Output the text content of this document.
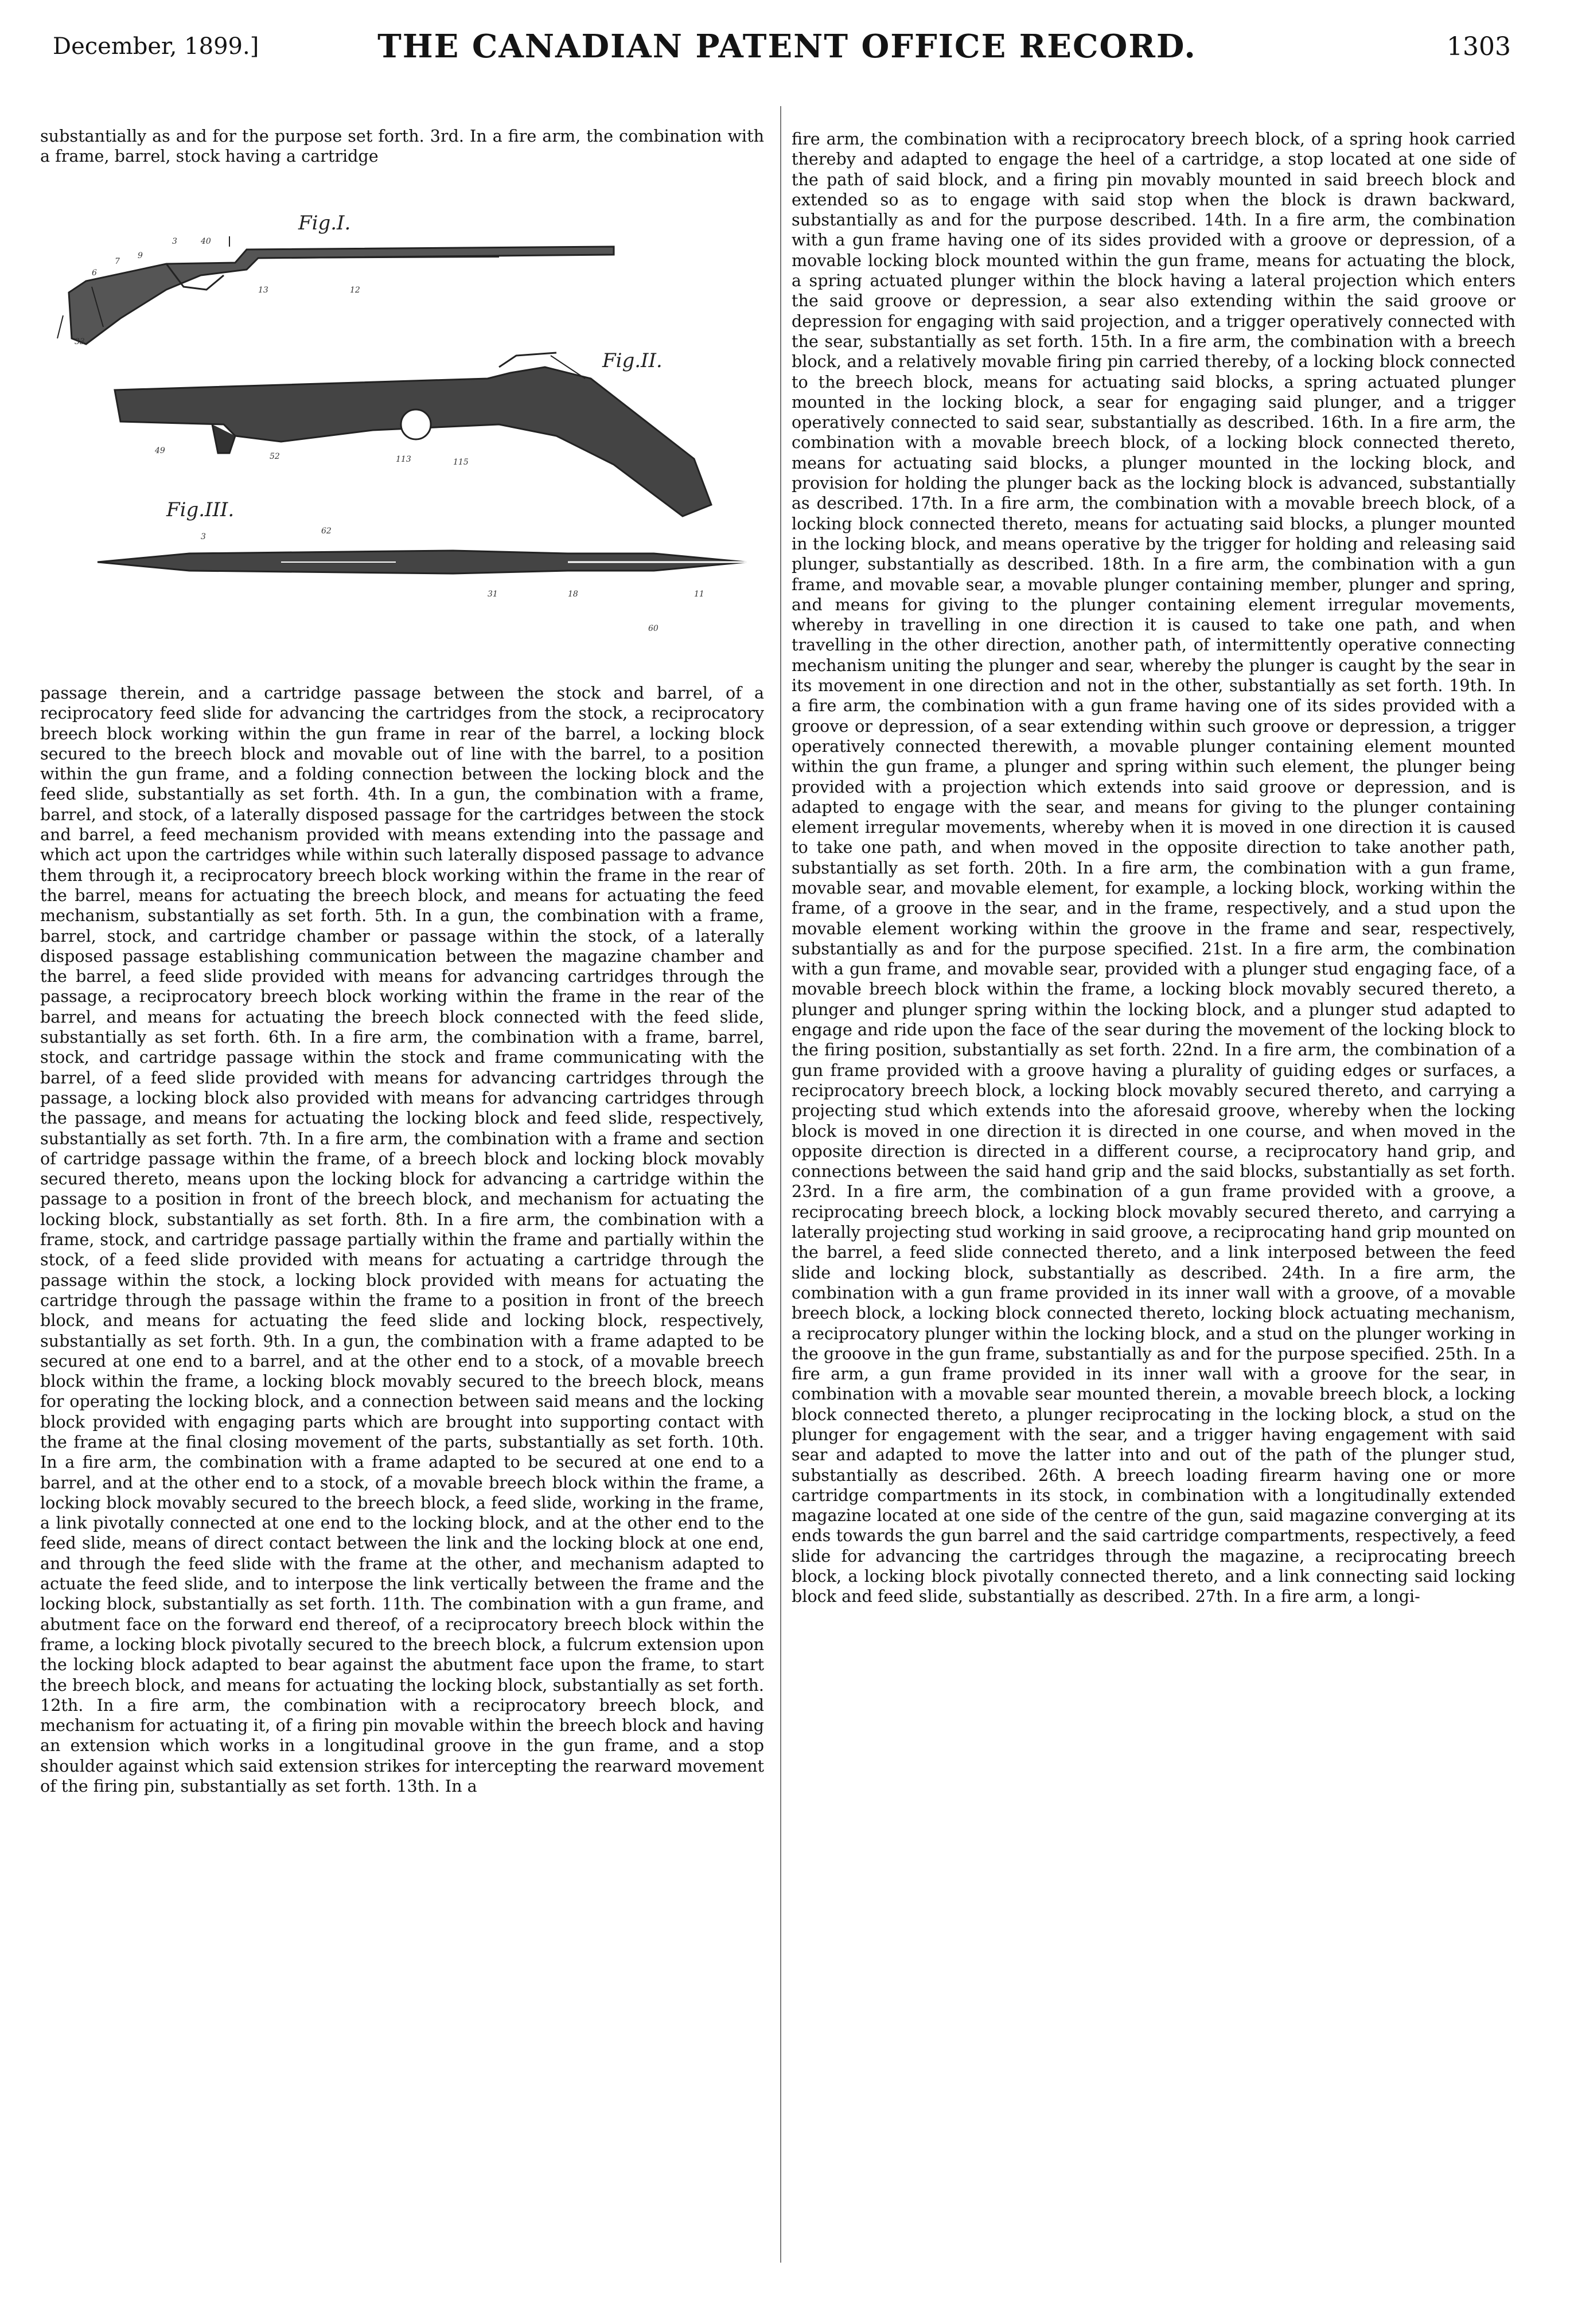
December, 1899.]	THE CANADIAN PATENT OFFICE RECORD.	1303

substantially as and for the purpose set forth. 3rd. In a fire arm, the combination with a frame, barrel, stock having a cartridge

Fig.I.
Fig.II.
Fig.III.
3	40
9
7
6
13	12
33
49
52	113	115
3
62
31	18	11
60

passage therein, and a cartridge passage between the stock and barrel, of a reciprocatory feed slide for advancing the cartridges from the stock, a reciprocatory breech block working within the gun frame in rear of the barrel, a locking block secured to the breech block and movable out of line with the barrel, to a position within the gun frame, and a folding connection between the locking block and the feed slide, substantially as set forth. 4th. In a gun, the combination with a frame, barrel, and stock, of a laterally disposed passage for the cartridges between the stock and barrel, a feed mechanism provided with means extending into the passage and which act upon the cartridges while within such laterally disposed passage to advance them through it, a reciprocatory breech block working within the frame in the rear of the barrel, means for actuating the breech block, and means for actuating the feed mechanism, substantially as set forth. 5th. In a gun, the combination with a frame, barrel, stock, and cartridge chamber or passage within the stock, of a laterally disposed passage establishing communication between the magazine chamber and the barrel, a feed slide provided with means for advancing cartridges through the passage, a reciprocatory breech block working within the frame in the rear of the barrel, and means for actuating the breech block connected with the feed slide, substantially as set forth. 6th. In a fire arm, the combination with a frame, barrel, stock, and cartridge passage within the stock and frame communicating with the barrel, of a feed slide provided with means for advancing cartridges through the passage, a locking block also provided with means for advancing cartridges through the passage, and means for actuating the locking block and feed slide, respectively, substantially as set forth. 7th. In a fire arm, the combination with a frame and section of cartridge passage within the frame, of a breech block and locking block movably secured thereto, means upon the locking block for advancing a cartridge within the passage to a position in front of the breech block, and mechanism for actuating the locking block, substantially as set forth. 8th. In a fire arm, the combination with a frame, stock, and cartridge passage partially within the frame and partially within the stock, of a feed slide provided with means for actuating a cartridge through the passage within the stock, a locking block provided with means for actuating the cartridge through the passage within the frame to a position in front of the breech block, and means for actuating the feed slide and locking block, respectively, substantially as set forth. 9th. In a gun, the combination with a frame adapted to be secured at one end to a barrel, and at the other end to a stock, of a movable breech block within the frame, a locking block movably secured to the breech block, means for operating the locking block, and a connection between said means and the locking block provided with engaging parts which are brought into supporting contact with the frame at the final closing movement of the parts, substantially as set forth. 10th. In a fire arm, the combination with a frame adapted to be secured at one end to a barrel, and at the other end to a stock, of a movable breech block within the frame, a locking block movably secured to the breech block, a feed slide, working in the frame, a link pivotally connected at one end to the locking block, and at the other end to the feed slide, means of direct contact between the link and the locking block at one end, and through the feed slide with the frame at the other, and mechanism adapted to actuate the feed slide, and to interpose the link vertically between the frame and the locking block, substantially as set forth. 11th. The combination with a gun frame, and abutment face on the forward end thereof, of a reciprocatory breech block within the frame, a locking block pivotally secured to the breech block, a fulcrum extension upon the locking block adapted to bear against the abutment face upon the frame, to start the breech block, and means for actuating the locking block, substantially as set forth. 12th. In a fire arm, the combination with a reciprocatory breech block, and mechanism for actuating it, of a firing pin movable within the breech block and having an extension which works in a longitudinal groove in the gun frame, and a stop shoulder against which said extension strikes for intercepting the rearward movement of the firing pin, substantially as set forth. 13th. In a

fire arm, the combination with a reciprocatory breech block, of a spring hook carried thereby and adapted to engage the heel of a cartridge, a stop located at one side of the path of said block, and a firing pin movably mounted in said breech block and extended so as to engage with said stop when the block is drawn backward, substantially as and for the purpose described. 14th. In a fire arm, the combination with a gun frame having one of its sides provided with a groove or depression, of a movable locking block mounted within the gun frame, means for actuating the block, a spring actuated plunger within the block having a lateral projection which enters the said groove or depression, a sear also extending within the said groove or depression for engaging with said projection, and a trigger operatively connected with the sear, substantially as set forth. 15th. In a fire arm, the combination with a breech block, and a relatively movable firing pin carried thereby, of a locking block connected to the breech block, means for actuating said blocks, a spring actuated plunger mounted in the locking block, a sear for engaging said plunger, and a trigger operatively connected to said sear, substantially as described. 16th. In a fire arm, the combination with a movable breech block, of a locking block connected thereto, means for actuating said blocks, a plunger mounted in the locking block, and provision for holding the plunger back as the locking block is advanced, substantially as described. 17th. In a fire arm, the combination with a movable breech block, of a locking block connected thereto, means for actuating said blocks, a plunger mounted in the locking block, and means operative by the trigger for holding and releasing said plunger, substantially as described. 18th. In a fire arm, the combination with a gun frame, and movable sear, a movable plunger containing member, plunger and spring, and means for giving to the plunger containing element irregular movements, whereby in travelling in one direction it is caused to take one path, and when travelling in the other direction, another path, of intermittently operative connecting mechanism uniting the plunger and sear, whereby the plunger is caught by the sear in its movement in one direction and not in the other, substantially as set forth. 19th. In a fire arm, the combination with a gun frame having one of its sides provided with a groove or depression, of a sear extending within such groove or depression, a trigger operatively connected therewith, a movable plunger containing element mounted within the gun frame, a plunger and spring within such element, the plunger being provided with a projection which extends into said groove or depression, and is adapted to engage with the sear, and means for giving to the plunger containing element irregular movements, whereby when it is moved in one direction it is caused to take one path, and when moved in the opposite direction to take another path, substantially as set forth. 20th. In a fire arm, the combination with a gun frame, movable sear, and movable element, for example, a locking block, working within the frame, of a groove in the sear, and in the frame, respectively, and a stud upon the movable element working within the groove in the frame and sear, respectively, substantially as and for the purpose specified. 21st. In a fire arm, the combination with a gun frame, and movable sear, provided with a plunger stud engaging face, of a movable breech block within the frame, a locking block movably secured thereto, a plunger and plunger spring within the locking block, and a plunger stud adapted to engage and ride upon the face of the sear during the movement of the locking block to the firing position, substantially as set forth. 22nd. In a fire arm, the combination of a gun frame provided with a groove having a plurality of guiding edges or surfaces, a reciprocatory breech block, a locking block movably secured thereto, and carrying a projecting stud which extends into the aforesaid groove, whereby when the locking block is moved in one direction it is directed in one course, and when moved in the opposite direction is directed in a different course, a reciprocatory hand grip, and connections between the said hand grip and the said blocks, substantially as set forth. 23rd. In a fire arm, the combination of a gun frame provided with a groove, a reciprocating breech block, a locking block movably secured thereto, and carrying a laterally projecting stud working in said groove, a reciprocating hand grip mounted on the barrel, a feed slide connected thereto, and a link interposed between the feed slide and locking block, substantially as described. 24th. In a fire arm, the combination with a gun frame provided in its inner wall with a groove, of a movable breech block, a locking block connected thereto, locking block actuating mechanism, a reciprocatory plunger within the locking block, and a stud on the plunger working in the grooove in the gun frame, substantially as and for the purpose specified. 25th. In a fire arm, a gun frame provided in its inner wall with a groove for the sear, in combination with a movable sear mounted therein, a movable breech block, a locking block connected thereto, a plunger reciprocating in the locking block, a stud on the plunger for engagement with the sear, and a trigger having engagement with said sear and adapted to move the latter into and out of the path of the plunger stud, substantially as described. 26th. A breech loading firearm having one or more cartridge compartments in its stock, in combination with a longitudinally extended magazine located at one side of the centre of the gun, said magazine converging at its ends towards the gun barrel and the said cartridge compartments, respectively, a feed slide for advancing the cartridges through the magazine, a reciprocating breech block, a locking block pivotally connected thereto, and a link connecting said locking block and feed slide, substantially as described. 27th. In a fire arm, a longi-
